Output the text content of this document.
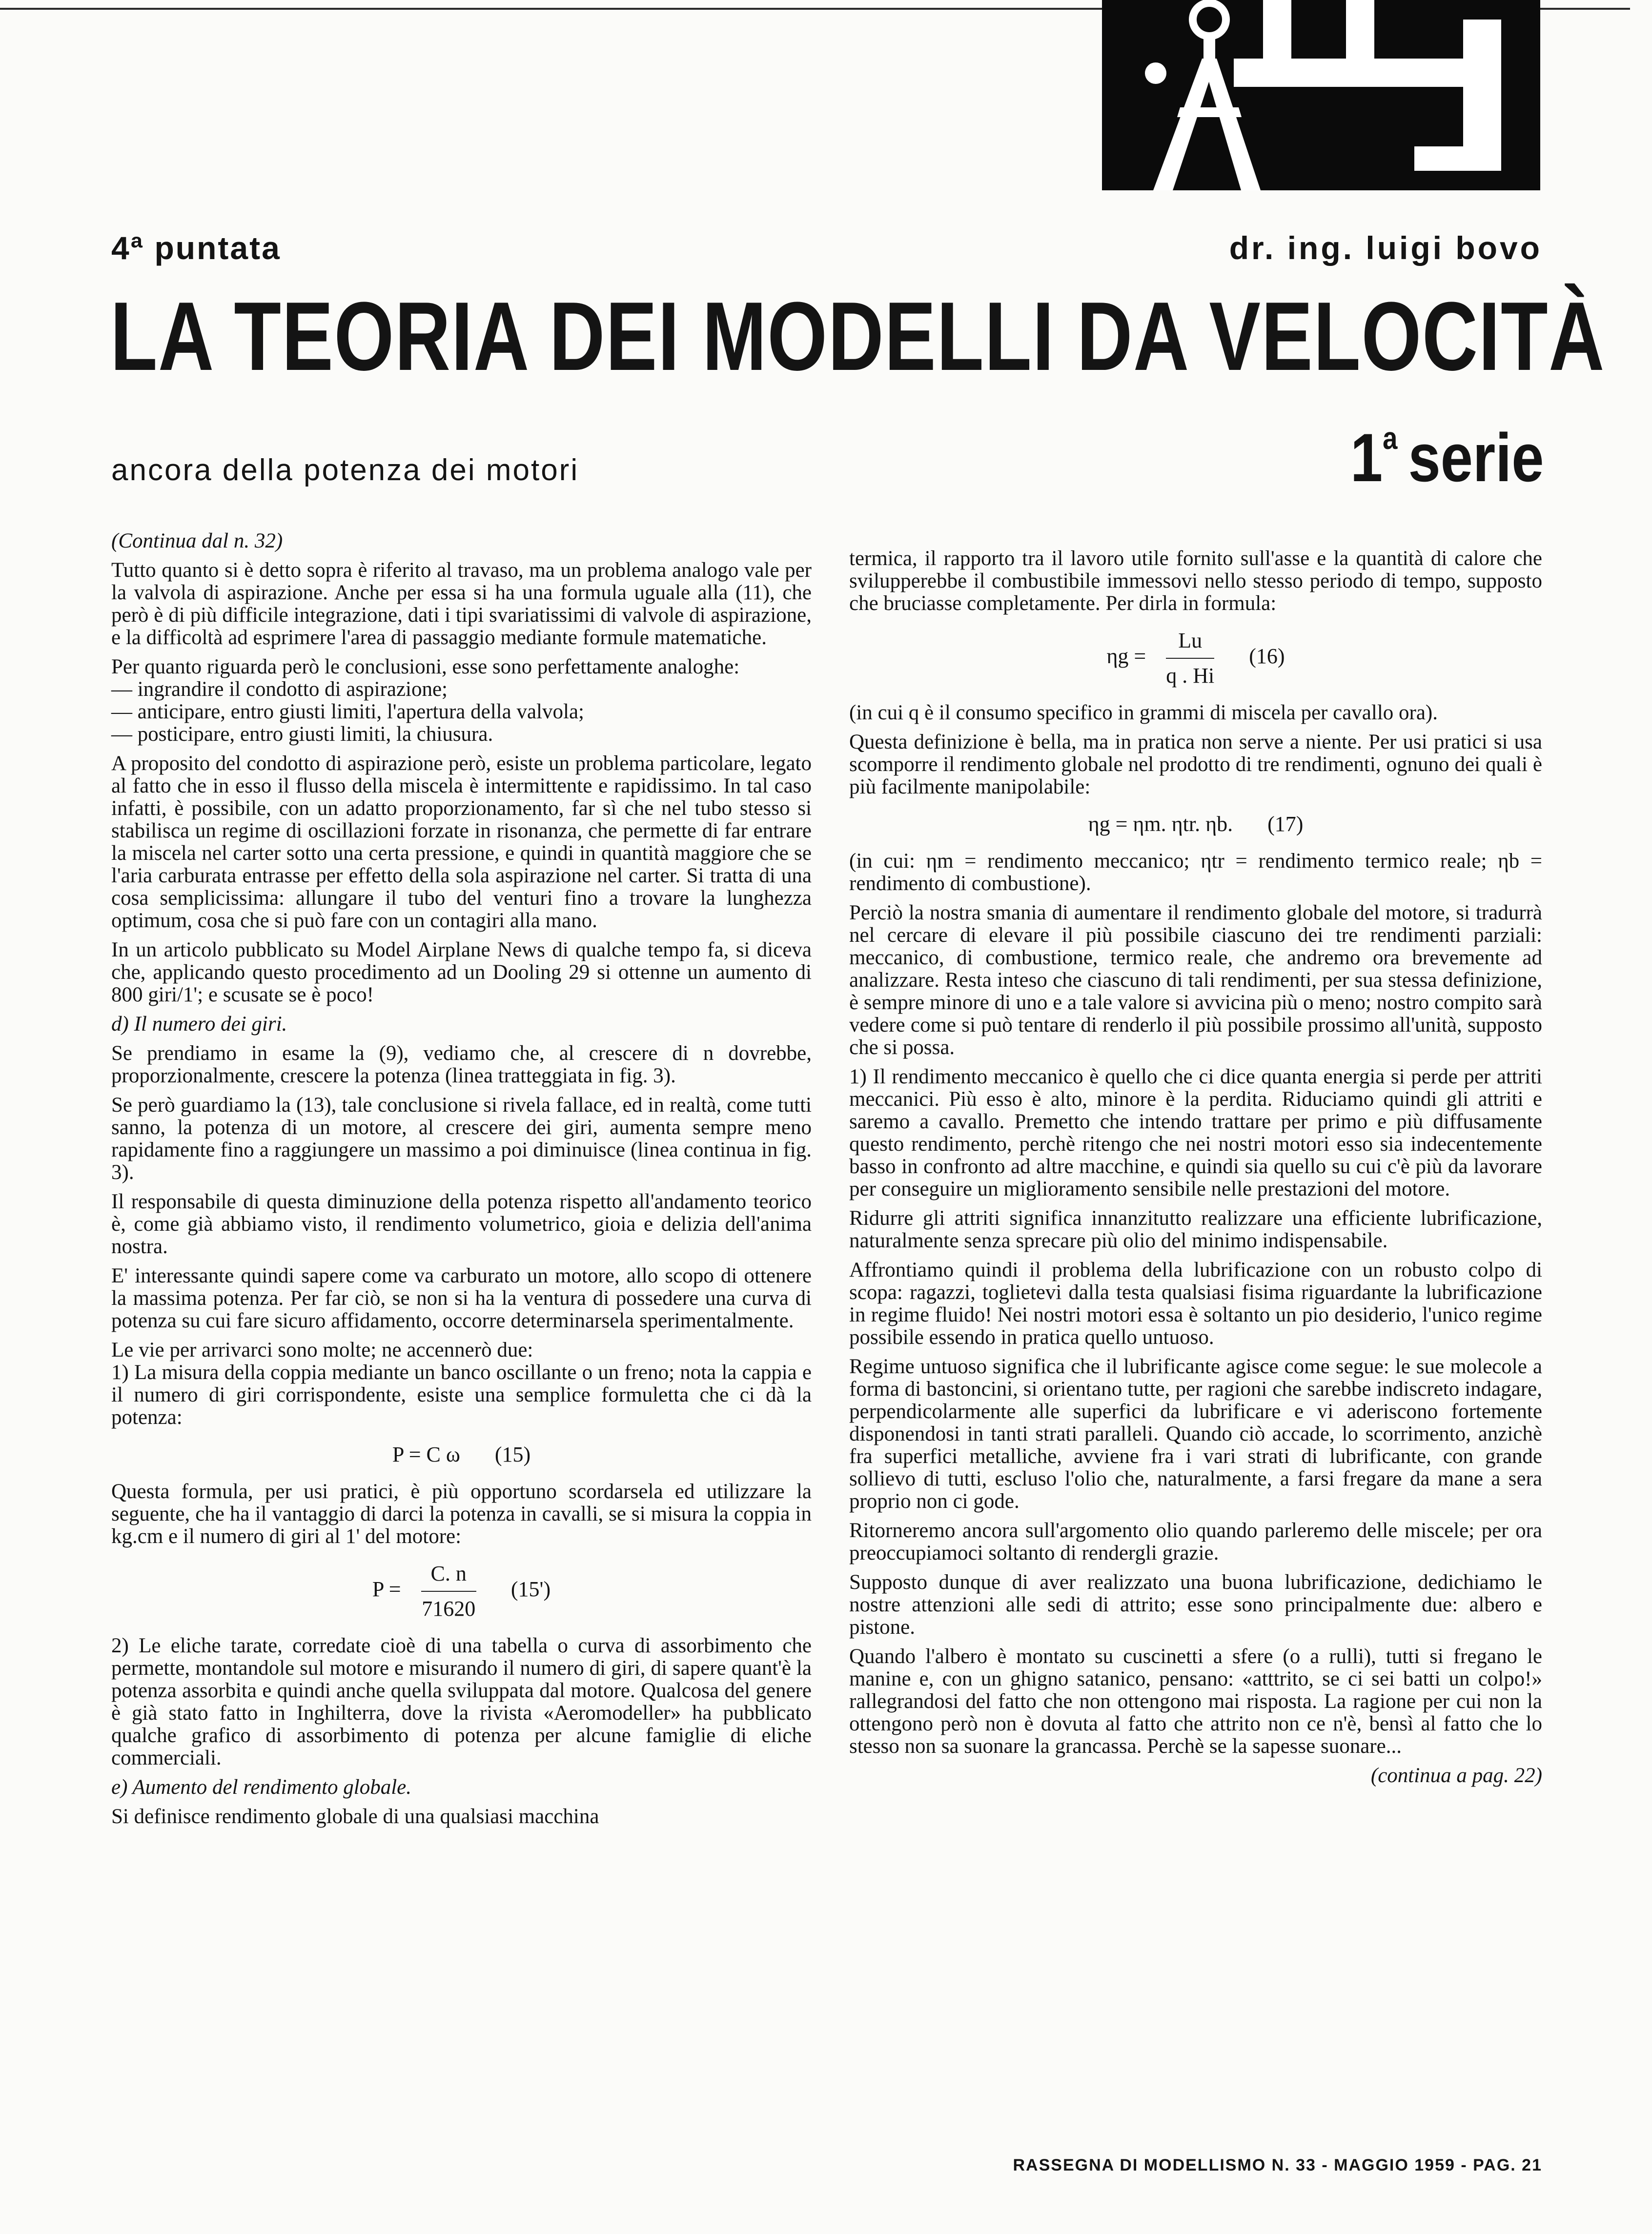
4ª puntata	dr. ing. luigi bovo
LA TEORIA DEI MODELLI DA VELOCITÀ
ancora della potenza dei motori	1$^a$ serie

(Continua dal n. 32)

Tutto quanto si è detto sopra è riferito al travaso, ma un problema analogo vale per la valvola di aspirazione. Anche per essa si ha una formula uguale alla (11), che però è di più difficile integrazione, dati i tipi svariatissimi di valvole di aspirazione, e la difficoltà ad esprimere l'area di passaggio mediante formule matematiche.

Per quanto riguarda però le conclusioni, esse sono perfettamente analoghe:

— ingrandire il condotto di aspirazione;

— anticipare, entro giusti limiti, l'apertura della valvola;

— posticipare, entro giusti limiti, la chiusura.

A proposito del condotto di aspirazione però, esiste un problema particolare, legato al fatto che in esso il flusso della miscela è intermittente e rapidissimo. In tal caso infatti, è possibile, con un adatto proporzionamento, far sì che nel tubo stesso si stabilisca un regime di oscillazioni forzate in risonanza, che permette di far entrare la miscela nel carter sotto una certa pressione, e quindi in quantità maggiore che se l'aria carburata entrasse per effetto della sola aspirazione nel carter. Si tratta di una cosa semplicissima: allungare il tubo del venturi fino a trovare la lunghezza optimum, cosa che si può fare con un contagiri alla mano.

In un articolo pubblicato su Model Airplane News di qualche tempo fa, si diceva che, applicando questo procedimento ad un Dooling 29 si ottenne un aumento di 800 giri/1'; e scusate se è poco!

d) Il numero dei giri.

Se prendiamo in esame la (9), vediamo che, al crescere di n dovrebbe, proporzionalmente, crescere la potenza (linea tratteggiata in fig. 3).

Se però guardiamo la (13), tale conclusione si rivela fallace, ed in realtà, come tutti sanno, la potenza di un motore, al crescere dei giri, aumenta sempre meno rapidamente fino a raggiungere un massimo a poi diminuisce (linea continua in fig. 3).

Il responsabile di questa diminuzione della potenza rispetto all'andamento teorico è, come già abbiamo visto, il rendimento volumetrico, gioia e delizia dell'anima nostra.

E' interessante quindi sapere come va carburato un motore, allo scopo di ottenere la massima potenza. Per far ciò, se non si ha la ventura di possedere una curva di potenza su cui fare sicuro affidamento, occorre determinarsela sperimentalmente.

Le vie per arrivarci sono molte; ne accennerò due:

1) La misura della coppia mediante un banco oscillante o un freno; nota la cappia e il numero di giri corrispondente, esiste una semplice formuletta che ci dà la potenza:

P = C ω (15)

Questa formula, per usi pratici, è più opportuno scordarsela ed utilizzare la seguente, che ha il vantaggio di darci la potenza in cavalli, se si misura la coppia in kg.cm e il numero di giri al 1' del motore:

$P = \frac{C. n}{71620} (15')$

2) Le eliche tarate, corredate cioè di una tabella o curva di assorbimento che permette, montandole sul motore e misurando il numero di giri, di sapere quant'è la potenza assorbita e quindi anche quella sviluppata dal motore. Qualcosa del genere è già stato fatto in Inghilterra, dove la rivista «Aeromodeller» ha pubblicato qualche grafico di assorbimento di potenza per alcune famiglie di eliche commerciali.

e) Aumento del rendimento globale.

Si definisce rendimento globale di una qualsiasi macchina

termica, il rapporto tra il lavoro utile fornito sull'asse e la quantità di calore che svilupperebbe il combustibile immessovi nello stesso periodo di tempo, supposto che bruciasse completamente. Per dirla in formula:

$\eta g = \frac{Lu}{q . Hi} (16)$

(in cui q è il consumo specifico in grammi di miscela per cavallo ora).

Questa definizione è bella, ma in pratica non serve a niente. Per usi pratici si usa scomporre il rendimento globale nel prodotto di tre rendimenti, ognuno dei quali è più facilmente manipolabile:

ηg = ηm. ηtr. ηb. (17)

(in cui: ηm = rendimento meccanico; ηtr = rendimento termico reale; ηb = rendimento di combustione).

Perciò la nostra smania di aumentare il rendimento globale del motore, si tradurrà nel cercare di elevare il più possibile ciascuno dei tre rendimenti parziali: meccanico, di combustione, termico reale, che andremo ora brevemente ad analizzare. Resta inteso che ciascuno di tali rendimenti, per sua stessa definizione, è sempre minore di uno e a tale valore si avvicina più o meno; nostro compito sarà vedere come si può tentare di renderlo il più possibile prossimo all'unità, supposto che si possa.

1) Il rendimento meccanico è quello che ci dice quanta energia si perde per attriti meccanici. Più esso è alto, minore è la perdita. Riduciamo quindi gli attriti e saremo a cavallo. Premetto che intendo trattare per primo e più diffusamente questo rendimento, perchè ritengo che nei nostri motori esso sia indecentemente basso in confronto ad altre macchine, e quindi sia quello su cui c'è più da lavorare per conseguire un miglioramento sensibile nelle prestazioni del motore.

Ridurre gli attriti significa innanzitutto realizzare una efficiente lubrificazione, naturalmente senza sprecare più olio del minimo indispensabile.

Affrontiamo quindi il problema della lubrificazione con un robusto colpo di scopa: ragazzi, toglietevi dalla testa qualsiasi fisima riguardante la lubrificazione in regime fluido! Nei nostri motori essa è soltanto un pio desiderio, l'unico regime possibile essendo in pratica quello untuoso.

Regime untuoso significa che il lubrificante agisce come segue: le sue molecole a forma di bastoncini, si orientano tutte, per ragioni che sarebbe indiscreto indagare, perpendicolarmente alle superfici da lubrificare e vi aderiscono fortemente disponendosi in tanti strati paralleli. Quando ciò accade, lo scorrimento, anzichè fra superfici metalliche, avviene fra i vari strati di lubrificante, con grande sollievo di tutti, escluso l'olio che, naturalmente, a farsi fregare da mane a sera proprio non ci gode.

Ritorneremo ancora sull'argomento olio quando parleremo delle miscele; per ora preoccupiamoci soltanto di rendergli grazie.

Supposto dunque di aver realizzato una buona lubrificazione, dedichiamo le nostre attenzioni alle sedi di attrito; esse sono principalmente due: albero e pistone.

Quando l'albero è montato su cuscinetti a sfere (o a rulli), tutti si fregano le manine e, con un ghigno satanico, pensano: «atttrito, se ci sei batti un colpo!» rallegrandosi del fatto che non ottengono mai risposta. La ragione per cui non la ottengono però non è dovuta al fatto che attrito non ce n'è, bensì al fatto che lo stesso non sa suonare la grancassa. Perchè se la sapesse suonare...

(continua a pag. 22)

RASSEGNA DI MODELLISMO N. 33 - MAGGIO 1959 - PAG. 21
